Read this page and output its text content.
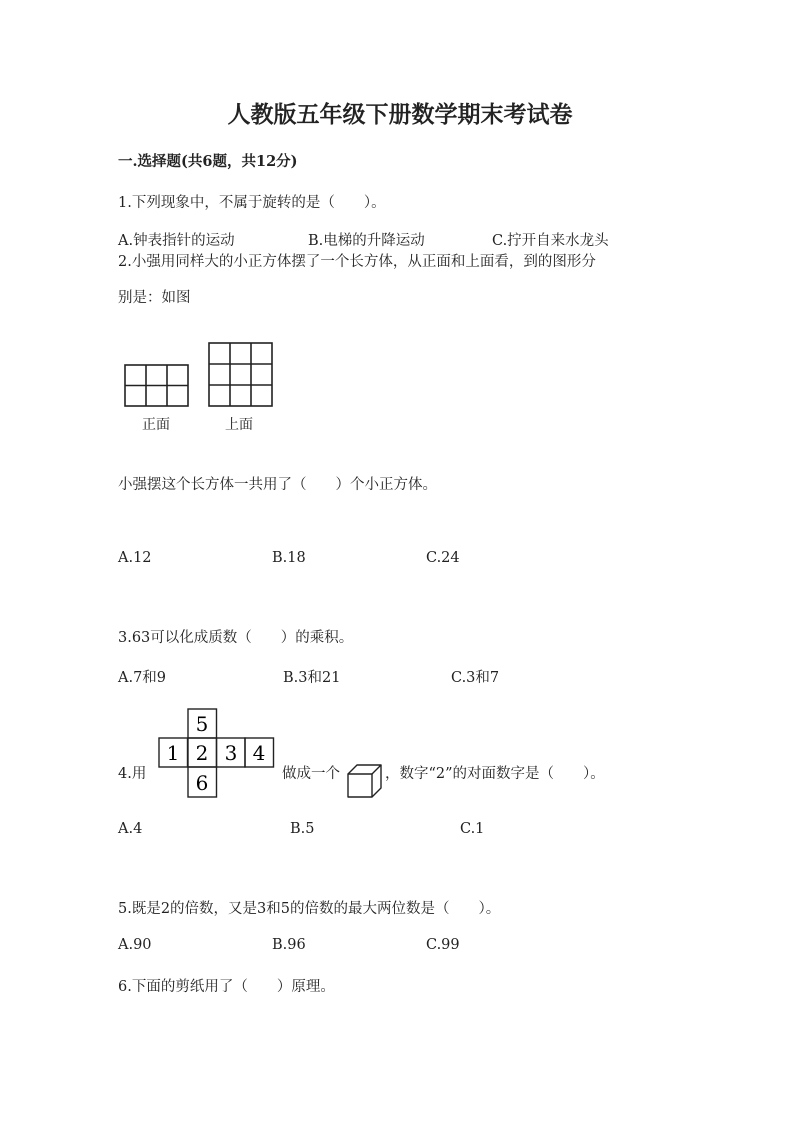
人教版五年级下册数学期末考试卷
一.选择题(共6题，共12分)
1.下列现象中，不属于旋转的是（　　）。
A.钟表指针的运动	B.电梯的升降运动	C.拧开自来水龙头
2.小强用同样大的小正方体摆了一个长方体，从正面和上面看，到的图形分
别是：如图
正面	上面
小强摆这个长方体一共用了（　　）个小正方体。
A.12	B.18	C.24
3.63可以化成质数（　　）的乘积。
A.7和9	B.3和21	C.3和7
4.用
5
1 2 3 4
6	做成一个	，数字“2”的对面数字是（　　）。
A.4	B.5	C.1
5.既是2的倍数，又是3和5的倍数的最大两位数是（　　）。
A.90	B.96	C.99
6.下面的剪纸用了（　　）原理。
